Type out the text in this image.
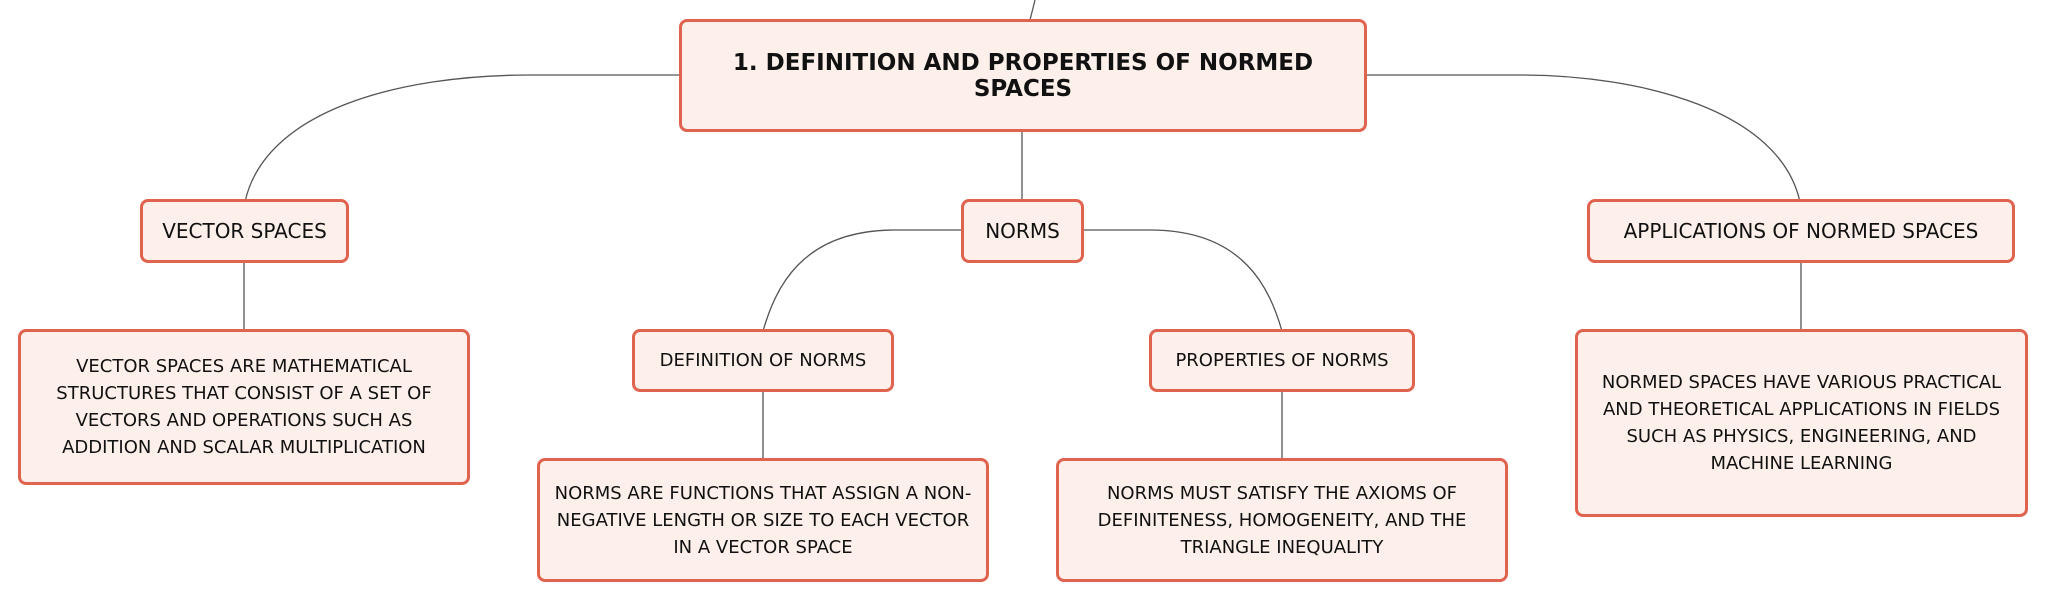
1. DEFINITION AND PROPERTIES OF NORMED SPACES
VECTOR SPACES	NORMS	APPLICATIONS OF NORMED SPACES
VECTOR SPACES ARE MATHEMATICAL STRUCTURES THAT CONSIST OF A SET OF VECTORS AND OPERATIONS SUCH AS ADDITION AND SCALAR MULTIPLICATION
DEFINITION OF NORMS	PROPERTIES OF NORMS
NORMED SPACES HAVE VARIOUS PRACTICAL AND THEORETICAL APPLICATIONS IN FIELDS SUCH AS PHYSICS, ENGINEERING, AND MACHINE LEARNING
NORMS ARE FUNCTIONS THAT ASSIGN A NON-NEGATIVE LENGTH OR SIZE TO EACH VECTOR IN A VECTOR SPACE
NORMS MUST SATISFY THE AXIOMS OF DEFINITENESS, HOMOGENEITY, AND THE TRIANGLE INEQUALITY
